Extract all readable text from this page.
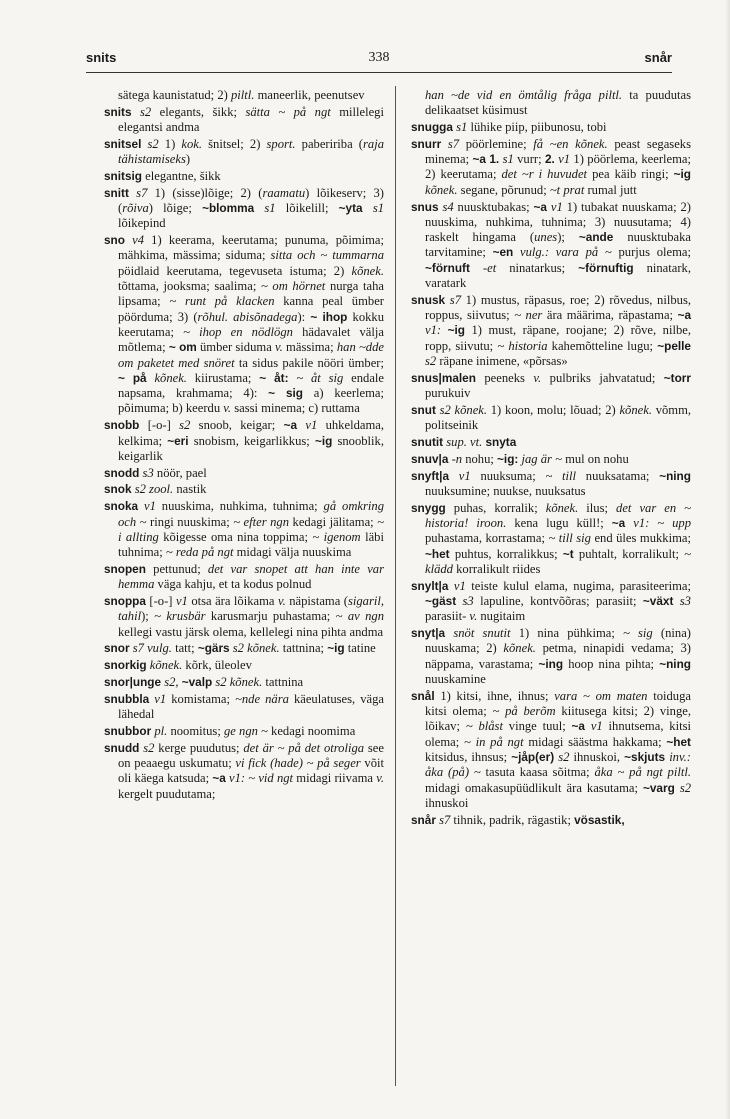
snits	338	snår
sätega kaunistatud; 2) piltl. maneerlik, peenutsev
snits s2 elegants, šikk; sätta ~ på ngt millelegi elegantsi andma
snitsel s2 1) kok. šnitsel; 2) sport. pabeririba (raja tähistamiseks)
snitsig elegantne, šikk
snitt s7 1) (sisse)lõige; 2) (raamatu) lõikeserv; 3) (rõiva) lõige; ~blomma s1 lõikelill; ~yta s1 lõikepind
sno v4 1) keerama, keerutama; punuma, põimima; mähkima, mässima; siduma; sitta och ~ tummarna pöidlaid keerutama, tegevuseta istuma; 2) kõnek. tõttama, jooksma; saalima; ~ om hörnet nurga taha lipsama; ~ runt på klacken kanna peal ümber pöörduma; 3) (rõhul. abisõnadega): ~ ihop kokku keerutama; ~ ihop en nödlögn hädavalet välja mõtlema; ~ om ümber siduma v. mässima; han ~dde om paketet med snöret ta sidus pakile nööri ümber; ~ på kõnek. kiirustama; ~ åt: ~ åt sig endale napsama, krahmama; 4): ~ sig a) keerlema; põimuma; b) keerdu v. sassi minema; c) ruttama
snobb [-o-] s2 snoob, keigar; ~a v1 uhkeldama, kelkima; ~eri snobism, keigarlikkus; ~ig snooblik, keigarlik
snodd s3 nöör, pael
snok s2 zool. nastik
snoka v1 nuuskima, nuhkima, tuhnima; gå omkring och ~ ringi nuuskima; ~ efter ngn kedagi jälitama; ~ i allting kõigesse oma nina toppima; ~ igenom läbi tuhnima; ~ reda på ngt midagi välja nuuskima
snopen pettunud; det var snopet att han inte var hemma väga kahju, et ta kodus polnud
snoppa [-o-] v1 otsa ära lõikama v. näpistama (sigaril, tahil); ~ krusbär karusmarju puhastama; ~ av ngn kellegi vastu järsk olema, kellelegi nina pihta andma
snor s7 vulg. tatt; ~gärs s2 kõnek. tattnina; ~ig tatine
snorkig kõnek. kõrk, üleolev
snor|unge s2, ~valp s2 kõnek. tattnina
snubbla v1 komistama; ~nde nära käeulatuses, väga lähedal
snubbor pl. noomitus; ge ngn ~ kedagi noomima
snudd s2 kerge puudutus; det är ~ på det otroliga see on peaaegu uskumatu; vi fick (hade) ~ på seger võit oli käega katsuda; ~a v1: ~ vid ngt midagi riivama v. kergelt puudutama;
han ~de vid en ömtålig fråga piltl. ta puudutas delikaatset küsimust
snugga s1 lühike piip, piibunosu, tobi
snurr s7 pöörlemine; få ~en kõnek. peast segaseks minema; ~a 1. s1 vurr; 2. v1 1) pöörlema, keerlema; 2) keerutama; det ~r i huvudet pea käib ringi; ~ig kõnek. segane, põrunud; ~t prat rumal jutt
snus s4 nuusktubakas; ~a v1 1) tubakat nuuskama; 2) nuuskima, nuhkima, tuhnima; 3) nuusutama; 4) raskelt hingama (unes); ~ande nuusktubaka tarvitamine; ~en vulg.: vara på ~ purjus olema; ~förnuft -et ninatarkus; ~förnuftig ninatark, varatark
snusk s7 1) mustus, räpasus, roe; 2) rõvedus, nilbus, roppus, siivutus; ~ ner ära määrima, räpastama; ~a v1: ~ig 1) must, räpane, roojane; 2) rõve, nilbe, ropp, siivutu; ~ historia kahemõtteline lugu; ~pelle s2 räpane inimene, «põrsas»
snus|malen peeneks v. pulbriks jahvatatud; ~torr purukuiv
snut s2 kõnek. 1) koon, molu; lõuad; 2) kõnek. võmm, politseinik
snutit sup. vt. snyta
snuv|a -n nohu; ~ig: jag är ~ mul on nohu
snyft|a v1 nuuksuma; ~ till nuuksatama; ~ning nuuksumine; nuukse, nuuksatus
snygg puhas, korralik; kõnek. ilus; det var en ~ historia! iroon. kena lugu küll!; ~a v1: ~ upp puhastama, korrastama; ~ till sig end üles mukkima; ~het puhtus, korralikkus; ~t puhtalt, korralikult; ~ klädd korralikult riides
snylt|a v1 teiste kulul elama, nugima, parasiteerima; ~gäst s3 lapuline, kontvõõras; parasiit; ~växt s3 parasiit- v. nugitaim
snyt|a snöt snutit 1) nina pühkima; ~ sig (nina) nuuskama; 2) kõnek. petma, ninapidi vedama; 3) näppama, varastama; ~ing hoop nina pihta; ~ning nuuskamine
snål 1) kitsi, ihne, ihnus; vara ~ om maten toiduga kitsi olema; ~ på berõm kiitusega kitsi; 2) vinge, lõikav; ~ blåst vinge tuul; ~a v1 ihnutsema, kitsi olema; ~ in på ngt midagi säästma hakkama; ~het kitsidus, ihnsus; ~jåp(er) s2 ihnuskoi, ~skjuts inv.: åka (på) ~ tasuta kaasa sõitma; åka ~ på ngt piltl. midagi omakasupüüdlikult ära kasutama; ~varg s2 ihnuskoi
snår s7 tihnik, padrik, rägastik; vösastik,
